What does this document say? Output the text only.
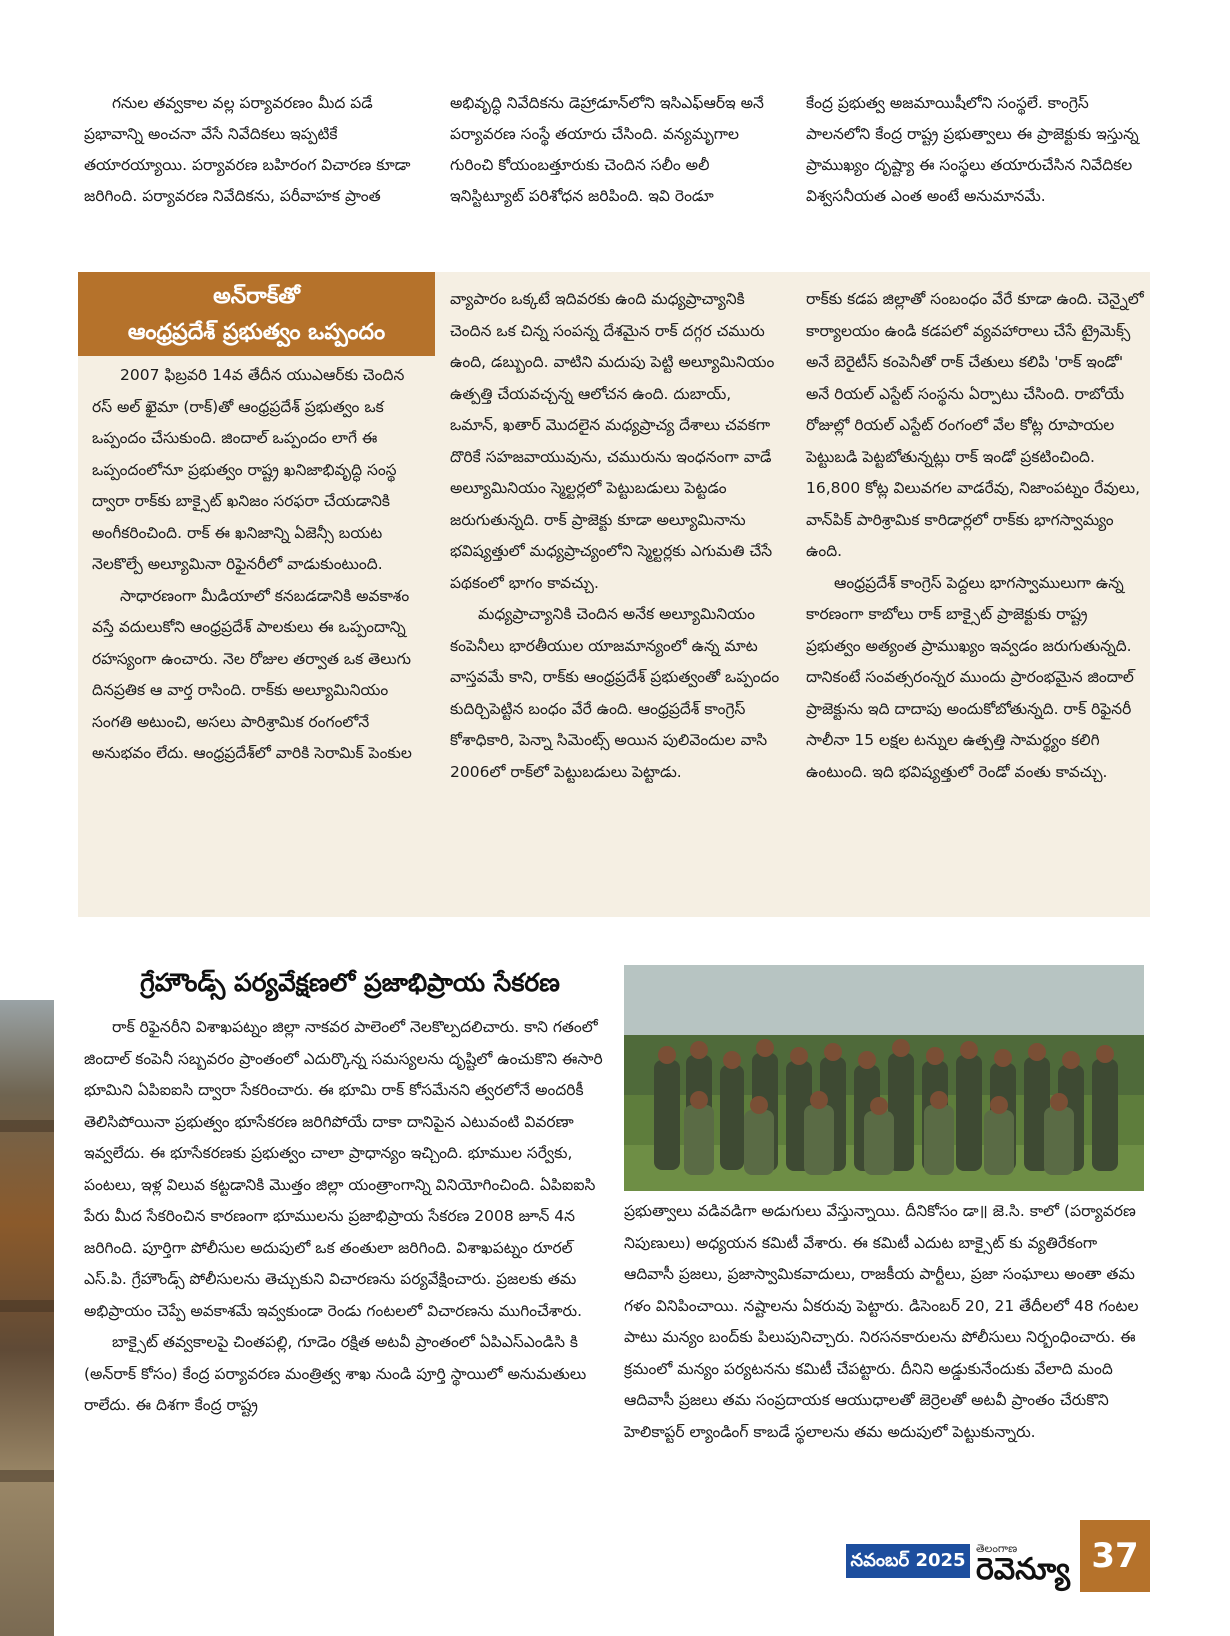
గనుల తవ్వకాల వల్ల పర్యావరణం మీద పడే ప్రభావాన్ని అంచనా వేసే నివేదికలు ఇప్పటికే తయారయ్యాయి. పర్యావరణ బహిరంగ విచారణ కూడా జరిగింది. పర్యావరణ నివేదికను, పరీవాహక ప్రాంత

అభివృద్ధి నివేదికను డెహ్రాడూన్‌లోని ఇసిఎఫ్‌ఆర్‌ఇ అనే పర్యావరణ సంస్థే తయారు చేసింది. వన్యమృగాల గురించి కోయంబత్తూరుకు చెందిన సలీం అలీ ఇనిస్టిట్యూట్ పరిశోధన జరిపింది. ఇవి రెండూ

కేంద్ర ప్రభుత్వ అజమాయిషీలోని సంస్థలే. కాంగ్రెస్ పాలనలోని కేంద్ర రాష్ట్ర ప్రభుత్వాలు ఈ ప్రాజెక్టుకు ఇస్తున్న ప్రాముఖ్యం దృష్ట్యా ఈ సంస్థలు తయారుచేసిన నివేదికల విశ్వసనీయత ఎంత అంటే అనుమానమే.

అన్‌రాక్‌తో
ఆంధ్రప్రదేశ్ ప్రభుత్వం ఒప్పందం

2007 ఫిబ్రవరి 14వ తేదీన యుఎఆర్‌కు చెందిన రస్ అల్ ఖైమా (రాక్)తో ఆంధ్రప్రదేశ్ ప్రభుత్వం ఒక ఒప్పందం చేసుకుంది. జిందాల్ ఒప్పందం లాగే ఈ ఒప్పందంలోనూ ప్రభుత్వం రాష్ట్ర ఖనిజాభివృద్ధి సంస్థ ద్వారా రాక్‌కు బాక్సైట్ ఖనిజం సరఫరా చేయడానికి అంగీకరించింది. రాక్ ఈ ఖనిజాన్ని ఏజెన్సీ బయట నెలకొల్పే అల్యూమినా రిఫైనరీలో వాడుకుంటుంది.

సాధారణంగా మీడియాలో కనబడడానికి అవకాశం వస్తే వదులుకోని ఆంధ్రప్రదేశ్ పాలకులు ఈ ఒప్పందాన్ని రహస్యంగా ఉంచారు. నెల రోజుల తర్వాత ఒక తెలుగు దినప్రతిక ఆ వార్త రాసింది. రాక్‌కు అల్యూమినియం సంగతి అటుంచి, అసలు పారిశ్రామిక రంగంలోనే అనుభవం లేదు. ఆంధ్రప్రదేశ్‌లో వారికి సెరామిక్ పెంకుల

వ్యాపారం ఒక్కటే ఇదివరకు ఉంది మధ్యప్రాచ్యానికి చెందిన ఒక చిన్న సంపన్న దేశమైన రాక్ దగ్గర చమురు ఉంది, డబ్బుంది. వాటిని మదుపు పెట్టి అల్యూమినియం ఉత్పత్తి చేయవచ్చన్న ఆలోచన ఉంది. దుబాయ్, ఒమాన్, ఖతార్ మొదలైన మధ్యప్రాచ్య దేశాలు చవకగా దొరికే సహజవాయువును, చమురును ఇంధనంగా వాడే అల్యూమినియం స్మెల్టర్లలో పెట్టుబడులు పెట్టడం జరుగుతున్నది. రాక్ ప్రాజెక్టు కూడా అల్యూమినాను భవిష్యత్తులో మధ్యప్రాచ్యంలోని స్మెల్టర్లకు ఎగుమతి చేసే పథకంలో భాగం కావచ్చు.

మధ్యప్రాచ్యానికి చెందిన అనేక అల్యూమినియం కంపెనీలు భారతీయుల యాజమాన్యంలో ఉన్న మాట వాస్తవమే కాని, రాక్‌కు ఆంధ్రప్రదేశ్ ప్రభుత్వంతో ఒప్పందం కుదిర్చిపెట్టిన బంధం వేరే ఉంది. ఆంధ్రప్రదేశ్ కాంగ్రెస్ కోశాధికారి, పెన్నా సిమెంట్స్ అయిన పులివెందుల వాసి 2006లో రాక్‌లో పెట్టుబడులు పెట్టాడు.

రాక్‌కు కడప జిల్లాతో సంబంధం వేరే కూడా ఉంది. చెన్నైలో కార్యాలయం ఉండి కడపలో వ్యవహారాలు చేసే ట్రైమెక్స్ అనే బెరైటీస్ కంపెనీతో రాక్ చేతులు కలిపి 'రాక్ ఇండో' అనే రియల్ ఎస్టేట్ సంస్థను ఏర్పాటు చేసింది. రాబోయే రోజుల్లో రియల్ ఎస్టేట్ రంగంలో వేల కోట్ల రూపాయల పెట్టుబడి పెట్టబోతున్నట్లు రాక్ ఇండో ప్రకటించింది. 16,800 కోట్ల విలువగల వాడరేవు, నిజాంపట్నం రేవులు, వాన్‌పిక్ పారిశ్రామిక కారిడార్లలో రాక్‌కు భాగస్వామ్యం ఉంది.

ఆంధ్రప్రదేశ్ కాంగ్రెస్ పెద్దలు భాగస్వాములుగా ఉన్న కారణంగా కాబోలు రాక్ బాక్సైట్ ప్రాజెక్టుకు రాష్ట్ర ప్రభుత్వం అత్యంత ప్రాముఖ్యం ఇవ్వడం జరుగుతున్నది. దానికంటే సంవత్సరంన్నర ముందు ప్రారంభమైన జిందాల్ ప్రాజెక్టును ఇది దాదాపు అందుకోబోతున్నది. రాక్ రిఫైనరీ సాలీనా 15 లక్షల టన్నుల ఉత్పత్తి సామర్థ్యం కలిగి ఉంటుంది. ఇది భవిష్యత్తులో రెండో వంతు కావచ్చు.

గ్రేహౌండ్స్ పర్యవేక్షణలో ప్రజాభిప్రాయ సేకరణ

రాక్ రిఫైనరీని విశాఖపట్నం జిల్లా నాకవర పాలెంలో నెలకొల్పదలిచారు. కాని గతంలో జిందాల్ కంపెనీ సబ్బవరం ప్రాంతంలో ఎదుర్కొన్న సమస్యలను దృష్టిలో ఉంచుకొని ఈసారి భూమిని ఏపిఐఐసి ద్వారా సేకరించారు. ఈ భూమి రాక్ కోసమేనని త్వరలోనే అందరికీ తెలిసిపోయినా ప్రభుత్వం భూసేకరణ జరిగిపోయే దాకా దానిపైన ఎటువంటి వివరణా ఇవ్వలేదు. ఈ భూసేకరణకు ప్రభుత్వం చాలా ప్రాధాన్యం ఇచ్చింది. భూముల సర్వేకు, పంటలు, ఇళ్ల విలువ కట్టడానికి మొత్తం జిల్లా యంత్రాంగాన్ని వినియోగించింది. ఏపిఐఐసి పేరు మీద సేకరించిన కారణంగా భూములను ప్రజాభిప్రాయ సేకరణ 2008 జూన్ 4న జరిగింది. పూర్తిగా పోలీసుల అదుపులో ఒక తంతులా జరిగింది. విశాఖపట్నం రూరల్ ఎస్.పి. గ్రేహౌండ్స్ పోలీసులను తెచ్చుకుని విచారణను పర్యవేక్షించారు. ప్రజలకు తమ అభిప్రాయం చెప్పే అవకాశమే ఇవ్వకుండా రెండు గంటలలో విచారణను ముగించేశారు.

బాక్సైట్ తవ్వకాలపై చింతపల్లి, గూడెం రక్షిత అటవీ ప్రాంతంలో ఏపిఎస్ఎండిసి కి (అన్‌రాక్ కోసం) కేంద్ర పర్యావరణ మంత్రిత్వ శాఖ నుండి పూర్తి స్థాయిలో అనుమతులు రాలేదు. ఈ దిశగా కేంద్ర రాష్ట్ర

ప్రభుత్వాలు వడివడిగా అడుగులు వేస్తున్నాయి. దీనికోసం డా॥ జె.సి. కాలో (పర్యావరణ నిపుణులు) అధ్యయన కమిటీ వేశారు. ఈ కమిటీ ఎదుట బాక్సైట్ కు వ్యతిరేకంగా ఆదివాసీ ప్రజలు, ప్రజాస్వామికవాదులు, రాజకీయ పార్టీలు, ప్రజా సంఘాలు అంతా తమ గళం వినిపించాయి. నష్టాలను ఏకరువు పెట్టారు. డిసెంబర్ 20, 21 తేదీలలో 48 గంటల పాటు మన్యం బంద్‌కు పిలుపునిచ్చారు. నిరసనకారులను పోలీసులు నిర్బంధించారు. ఈ క్రమంలో మన్యం పర్యటనను కమిటీ చేపట్టారు. దీనిని అడ్డుకునేందుకు వేలాది మంది ఆదివాసీ ప్రజలు తమ సంప్రదాయక ఆయుధాలతో జెర్రెలతో అటవీ ప్రాంతం చేరుకొని హెలికాప్టర్ ల్యాండింగ్ కాబడే స్థలాలను తమ అదుపులో పెట్టుకున్నారు.

నవంబర్ 2025
తెలంగాణ
రెవెన్యూ 37
